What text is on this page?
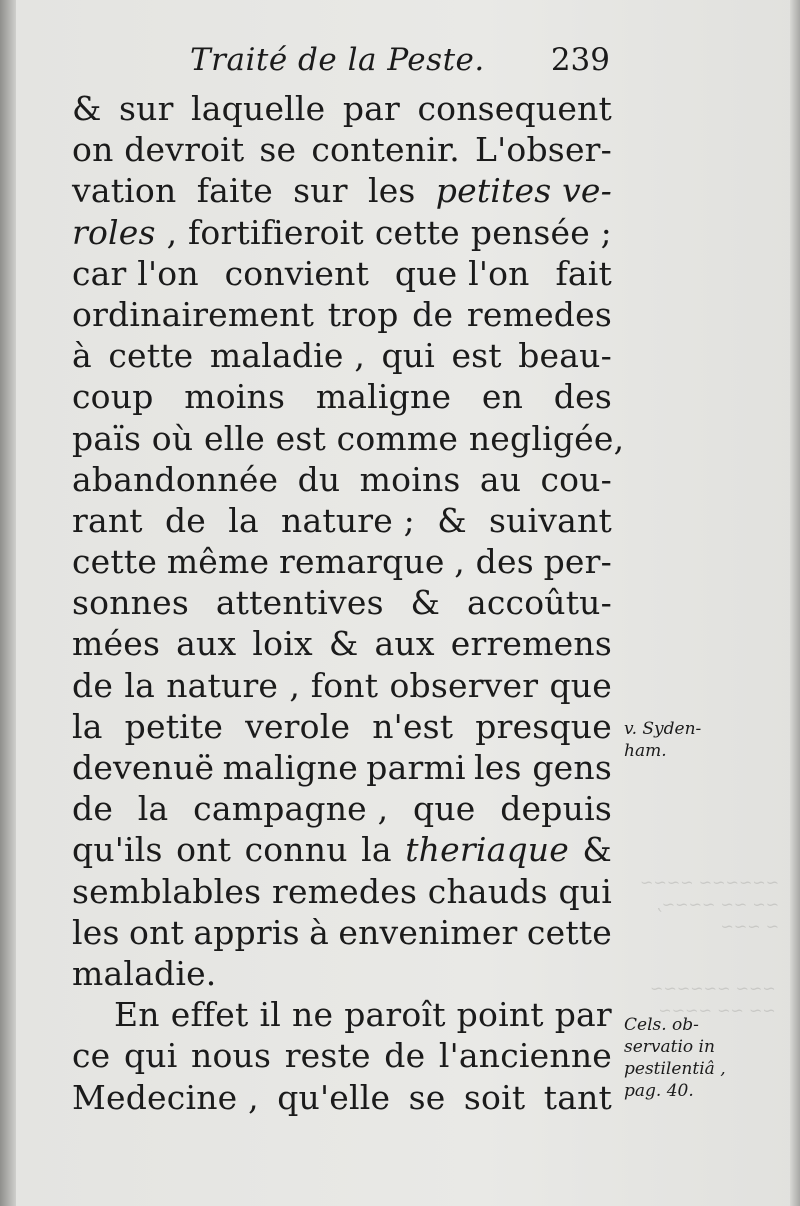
~~~~~~ ~~~~
~~ ~~ ~~~~,
~ ~~~
~~~ ~~~~~~
~~ ~~ ~~~~
Traité de la Peste. 239
& sur laquelle par consequent
on devroit se contenir. L'obser-
vation faite sur les petites ve-
roles , fortifieroit cette pensée ;
car l'on convient que l'on fait
ordinairement trop de remedes
à cette maladie , qui est beau-
coup moins maligne en des
païs où elle est comme negligée,
abandonnée du moins au cou-
rant de la nature ; & suivant
cette même remarque , des per-
sonnes attentives & accoûtu-
mées aux loix & aux erremens
de la nature , font observer que
la petite verole n'est presque
devenuë maligne parmi les gens
de la campagne , que depuis
qu'ils ont connu la theriaque &
semblables remedes chauds qui
les ont appris à envenimer cette
maladie.
En effet il ne paroît point par
ce qui nous reste de l'ancienne
Medecine , qu'elle se soit tant
v. Syden-
ham.
Cels. ob-
servatio in
pestilentiâ ,
pag. 40.
